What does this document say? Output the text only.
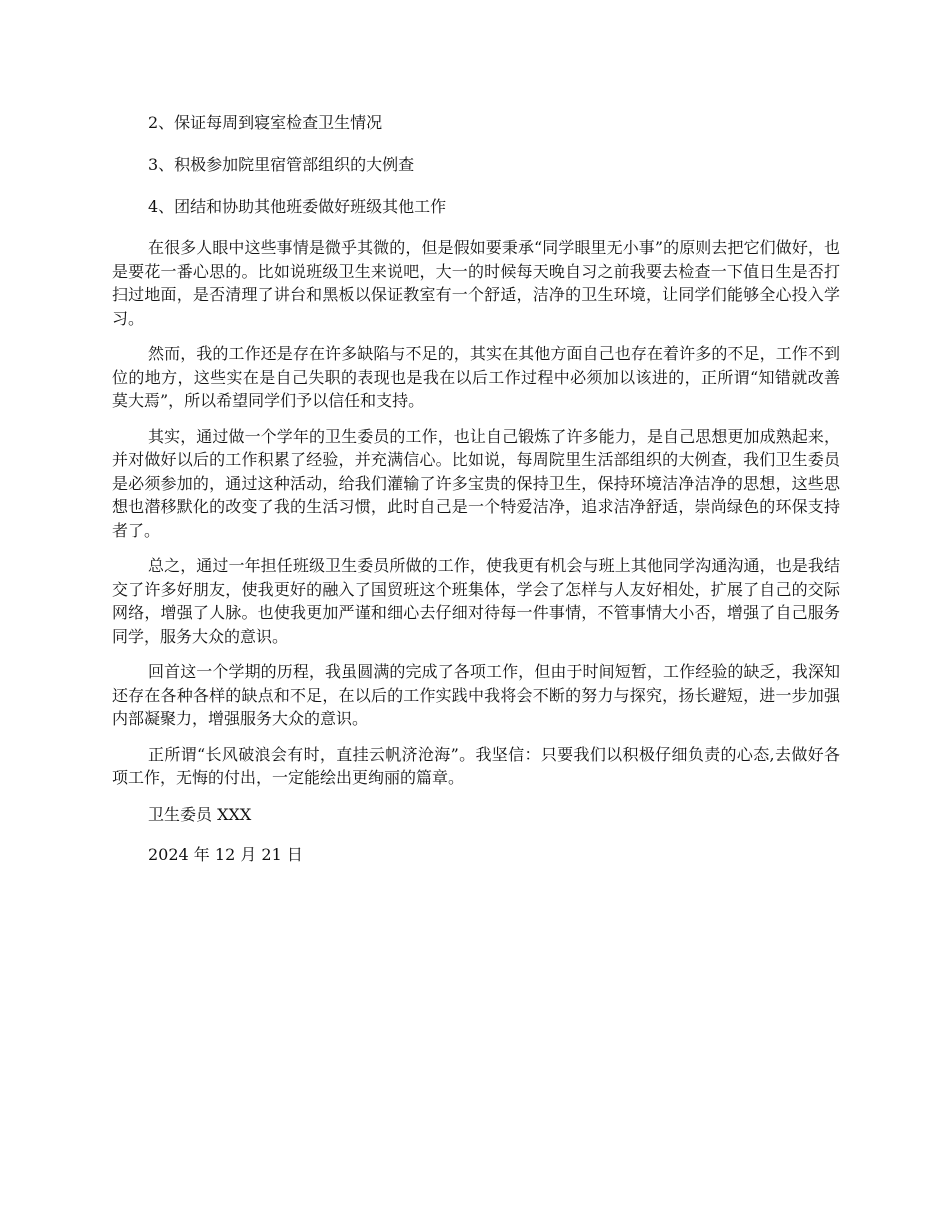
2、保证每周到寝室检查卫生情况

3、积极参加院里宿管部组织的大例查

4、团结和协助其他班委做好班级其他工作

在很多人眼中这些事情是微乎其微的，但是假如要秉承“同学眼里无小事”的原则去把它们做好，也是要花一番心思的。比如说班级卫生来说吧，大一的时候每天晚自习之前我要去检查一下值日生是否打扫过地面，是否清理了讲台和黑板以保证教室有一个舒适，洁净的卫生环境，让同学们能够全心投入学习。

然而，我的工作还是存在许多缺陷与不足的，其实在其他方面自己也存在着许多的不足，工作不到位的地方，这些实在是自己失职的表现也是我在以后工作过程中必须加以该进的，正所谓“知错就改善莫大焉”，所以希望同学们予以信任和支持。

其实，通过做一个学年的卫生委员的工作，也让自己锻炼了许多能力，是自己思想更加成熟起来，并对做好以后的工作积累了经验，并充满信心。比如说，每周院里生活部组织的大例查，我们卫生委员是必须参加的，通过这种活动，给我们灌输了许多宝贵的保持卫生，保持环境洁净洁净的思想，这些思想也潜移默化的改变了我的生活习惯，此时自己是一个特爱洁净，追求洁净舒适，崇尚绿色的环保支持者了。

总之，通过一年担任班级卫生委员所做的工作，使我更有机会与班上其他同学沟通沟通，也是我结交了许多好朋友，使我更好的融入了国贸班这个班集体，学会了怎样与人友好相处，扩展了自己的交际网络，增强了人脉。也使我更加严谨和细心去仔细对待每一件事情，不管事情大小否，增强了自己服务同学，服务大众的意识。

回首这一个学期的历程，我虽圆满的完成了各项工作，但由于时间短暂，工作经验的缺乏，我深知还存在各种各样的缺点和不足，在以后的工作实践中我将会不断的努力与探究，扬长避短，进一步加强内部凝聚力，增强服务大众的意识。

正所谓“长风破浪会有时，直挂云帆济沧海”。我坚信：只要我们以积极仔细负责的心态,去做好各项工作，无悔的付出，一定能绘出更绚丽的篇章。

卫生委员 XXX

2024 年 12 月 21 日
